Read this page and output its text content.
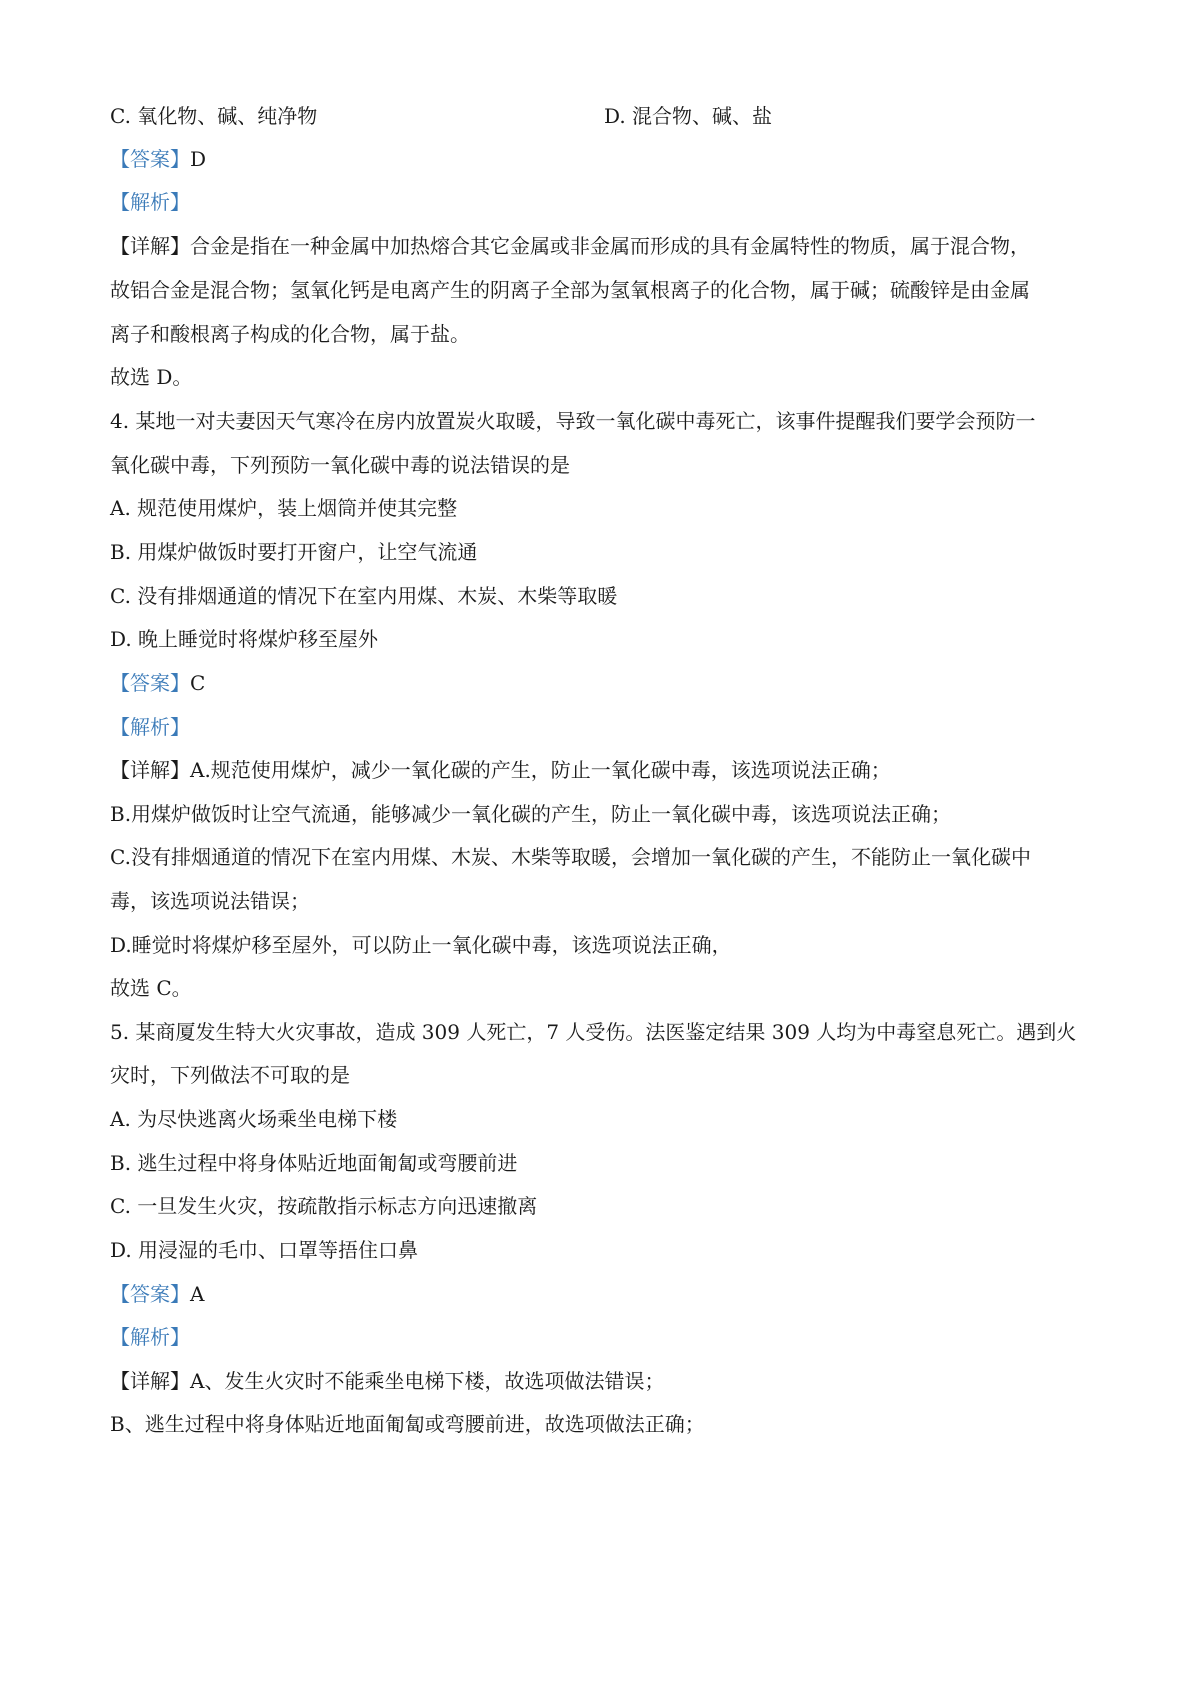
C. 氧化物、碱、纯净物	D. 混合物、碱、盐
【答案】D
【解析】
【详解】合金是指在一种金属中加热熔合其它金属或非金属而形成的具有金属特性的物质，属于混合物，
故铝合金是混合物；氢氧化钙是电离产生的阴离子全部为氢氧根离子的化合物，属于碱；硫酸锌是由金属
离子和酸根离子构成的化合物，属于盐。
故选 D。
4. 某地一对夫妻因天气寒冷在房内放置炭火取暖，导致一氧化碳中毒死亡，该事件提醒我们要学会预防一
氧化碳中毒，下列预防一氧化碳中毒的说法错误的是
A. 规范使用煤炉，装上烟筒并使其完整
B. 用煤炉做饭时要打开窗户，让空气流通
C. 没有排烟通道的情况下在室内用煤、木炭、木柴等取暖
D. 晚上睡觉时将煤炉移至屋外
【答案】C
【解析】
【详解】A.规范使用煤炉，减少一氧化碳的产生，防止一氧化碳中毒，该选项说法正确；
B.用煤炉做饭时让空气流通，能够减少一氧化碳的产生，防止一氧化碳中毒，该选项说法正确；
C.没有排烟通道的情况下在室内用煤、木炭、木柴等取暖，会增加一氧化碳的产生，不能防止一氧化碳中
毒，该选项说法错误；
D.睡觉时将煤炉移至屋外，可以防止一氧化碳中毒，该选项说法正确，
故选 C。
5. 某商厦发生特大火灾事故，造成 309 人死亡，7 人受伤。法医鉴定结果 309 人均为中毒窒息死亡。遇到火
灾时，下列做法不可取的是
A. 为尽快逃离火场乘坐电梯下楼
B. 逃生过程中将身体贴近地面匍匐或弯腰前进
C. 一旦发生火灾，按疏散指示标志方向迅速撤离
D. 用浸湿的毛巾、口罩等捂住口鼻
【答案】A
【解析】
【详解】A、发生火灾时不能乘坐电梯下楼，故选项做法错误；
B、逃生过程中将身体贴近地面匍匐或弯腰前进，故选项做法正确；
